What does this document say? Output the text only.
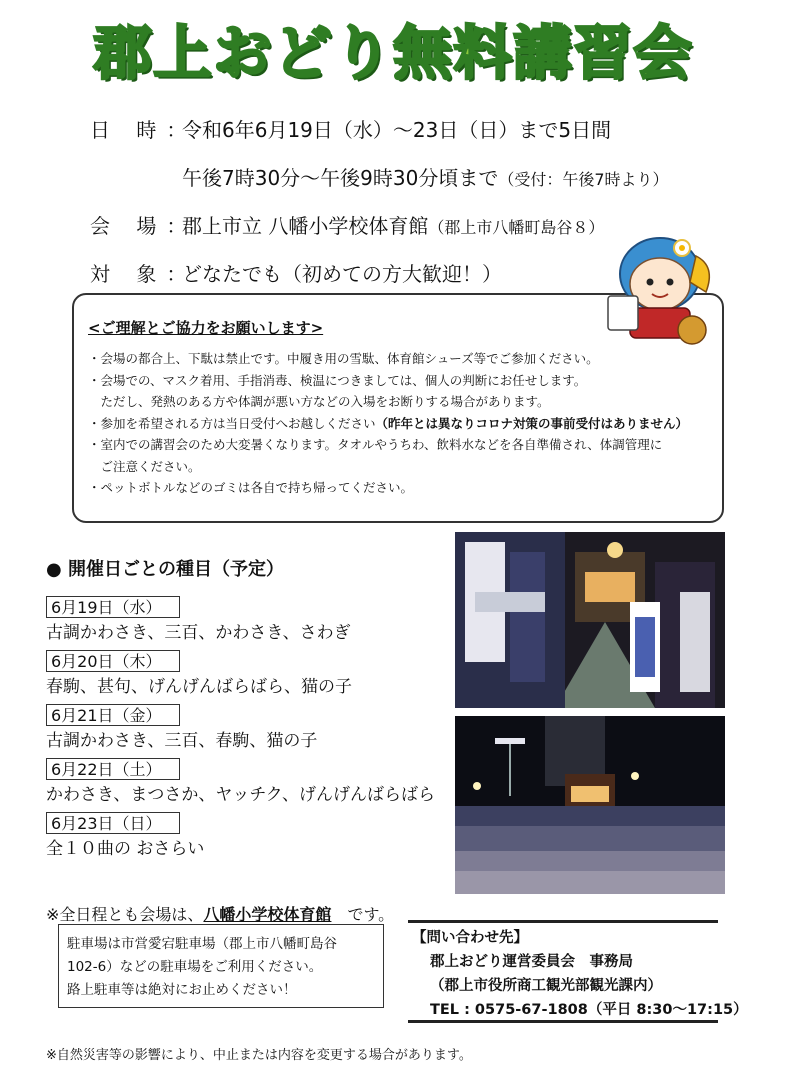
郡上おどり無料講習会
日 時：令和6年6月19日（水）～23日（日）まで5日間
午後7時30分～午後9時30分頃まで（受付：午後7時より）
会 場：郡上市立 八幡小学校体育館（郡上市八幡町島谷８）
対 象：どなたでも（初めての方大歓迎！）
<ご理解とご協力をお願いします>
・会場の都合上、下駄は禁止です。中履き用の雪駄、体育館シューズ等でご参加ください。
・会場での、マスク着用、手指消毒、検温につきましては、個人の判断にお任せします。
　ただし、発熱のある方や体調が悪い方などの入場をお断りする場合があります。
・参加を希望される方は当日受付へお越しください（昨年とは異なりコロナ対策の事前受付はありません）
・室内での講習会のため大変暑くなります。タオルやうちわ、飲料水などを各自準備され、体調管理に
　ご注意ください。
・ペットボトルなどのゴミは各自で持ち帰ってください。
● 開催日ごとの種目（予定）
6月19日（水）
古調かわさき、三百、かわさき、さわぎ
6月20日（木）
春駒、甚句、げんげんばらばら、猫の子
6月21日（金）
古調かわさき、三百、春駒、猫の子
6月22日（土）
かわさき、まつさか、ヤッチク、げんげんばらばら
6月23日（日）
全１０曲の おさらい
※全日程とも会場は、八幡小学校体育館　です。
駐車場は市営愛宕駐車場（郡上市八幡町島谷
102-6）などの駐車場をご利用ください。
路上駐車等は絶対にお止めください！
【問い合わせ先】
郡上おどり運営委員会　事務局
（郡上市役所商工観光部観光課内）
TEL : 0575-67-1808（平日 8:30～17:15）
※自然災害等の影響により、中止または内容を変更する場合があります。
